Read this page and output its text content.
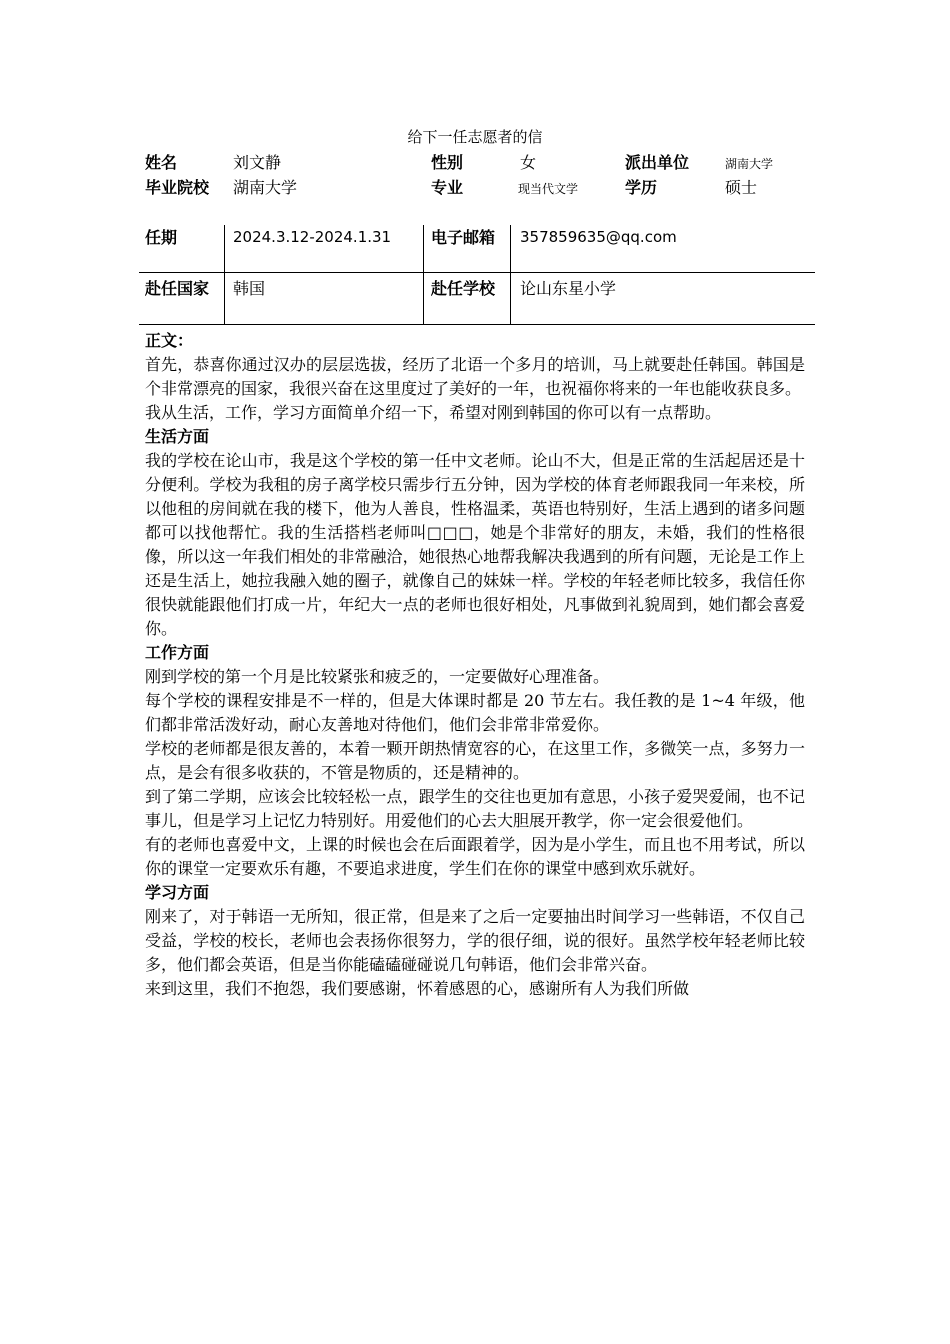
给下一任志愿者的信
姓名	刘文静	性别	女	派出单位	湖南大学
毕业院校	湖南大学	专业	现当代文学	学历	硕士
任期	2024.3.12-2024.1.31 电子邮箱	357859635@qq.com
赴任国家	韩国	赴任学校	论山东星小学
正文：

首先，恭喜你通过汉办的层层选拔，经历了北语一个多月的培训，马上就要赴任韩国。韩国是个非常漂亮的国家，我很兴奋在这里度过了美好的一年，也祝福你将来的一年也能收获良多。

我从生活，工作，学习方面简单介绍一下，希望对刚到韩国的你可以有一点帮助。

生活方面

我的学校在论山市，我是这个学校的第一任中文老师。论山不大，但是正常的生活起居还是十分便利。学校为我租的房子离学校只需步行五分钟，因为学校的体育老师跟我同一年来校，所以他租的房间就在我的楼下，他为人善良，性格温柔，英语也特别好，生活上遇到的诸多问题都可以找他帮忙。我的生活搭档老师叫□□□，她是个非常好的朋友，未婚，我们的性格很像，所以这一年我们相处的非常融洽，她很热心地帮我解决我遇到的所有问题，无论是工作上还是生活上，她拉我融入她的圈子，就像自己的妹妹一样。学校的年轻老师比较多，我信任你很快就能跟他们打成一片，年纪大一点的老师也很好相处，凡事做到礼貌周到，她们都会喜爱你。

工作方面

刚到学校的第一个月是比较紧张和疲乏的，一定要做好心理准备。

每个学校的课程安排是不一样的，但是大体课时都是 20 节左右。我任教的是 1~4 年级，他们都非常活泼好动，耐心友善地对待他们，他们会非常非常爱你。

学校的老师都是很友善的，本着一颗开朗热情宽容的心，在这里工作，多微笑一点，多努力一点，是会有很多收获的，不管是物质的，还是精神的。

到了第二学期，应该会比较轻松一点，跟学生的交往也更加有意思，小孩子爱哭爱闹，也不记事儿，但是学习上记忆力特别好。用爱他们的心去大胆展开教学，你一定会很爱他们。

有的老师也喜爱中文，上课的时候也会在后面跟着学，因为是小学生，而且也不用考试，所以你的课堂一定要欢乐有趣，不要追求进度，学生们在你的课堂中感到欢乐就好。

学习方面

刚来了，对于韩语一无所知，很正常，但是来了之后一定要抽出时间学习一些韩语，不仅自己受益，学校的校长，老师也会表扬你很努力，学的很仔细，说的很好。虽然学校年轻老师比较多，他们都会英语，但是当你能磕磕碰碰说几句韩语，他们会非常兴奋。

来到这里，我们不抱怨，我们要感谢，怀着感恩的心，感谢所有人为我们所做
